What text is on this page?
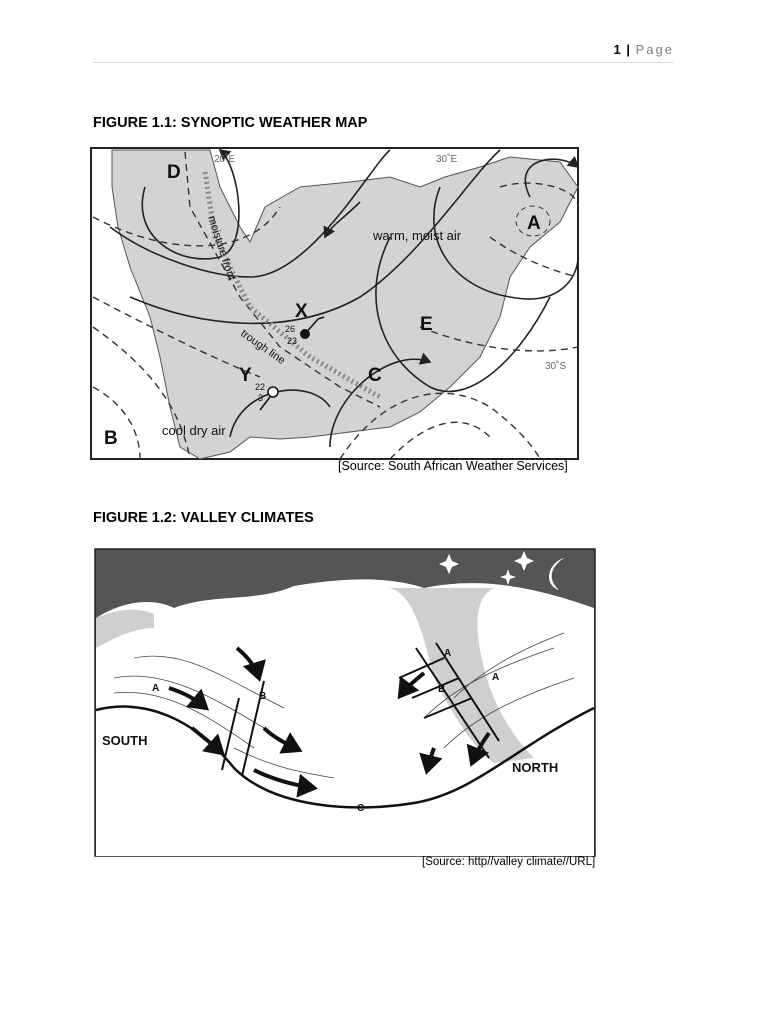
1 | Page
FIGURE 1.1: SYNOPTIC WEATHER MAP
D
A
B
C
E
X
Y
warm, moist air
cool dry air
moisture front
trough line
20˚E	30˚E
30˚S
26
23
22
3
[Source: South African Weather Services]
FIGURE 1.2: VALLEY CLIMATES
SOUTH
NORTH
A
B
A
A
B
C
[Source: http//valley climate//URL]
